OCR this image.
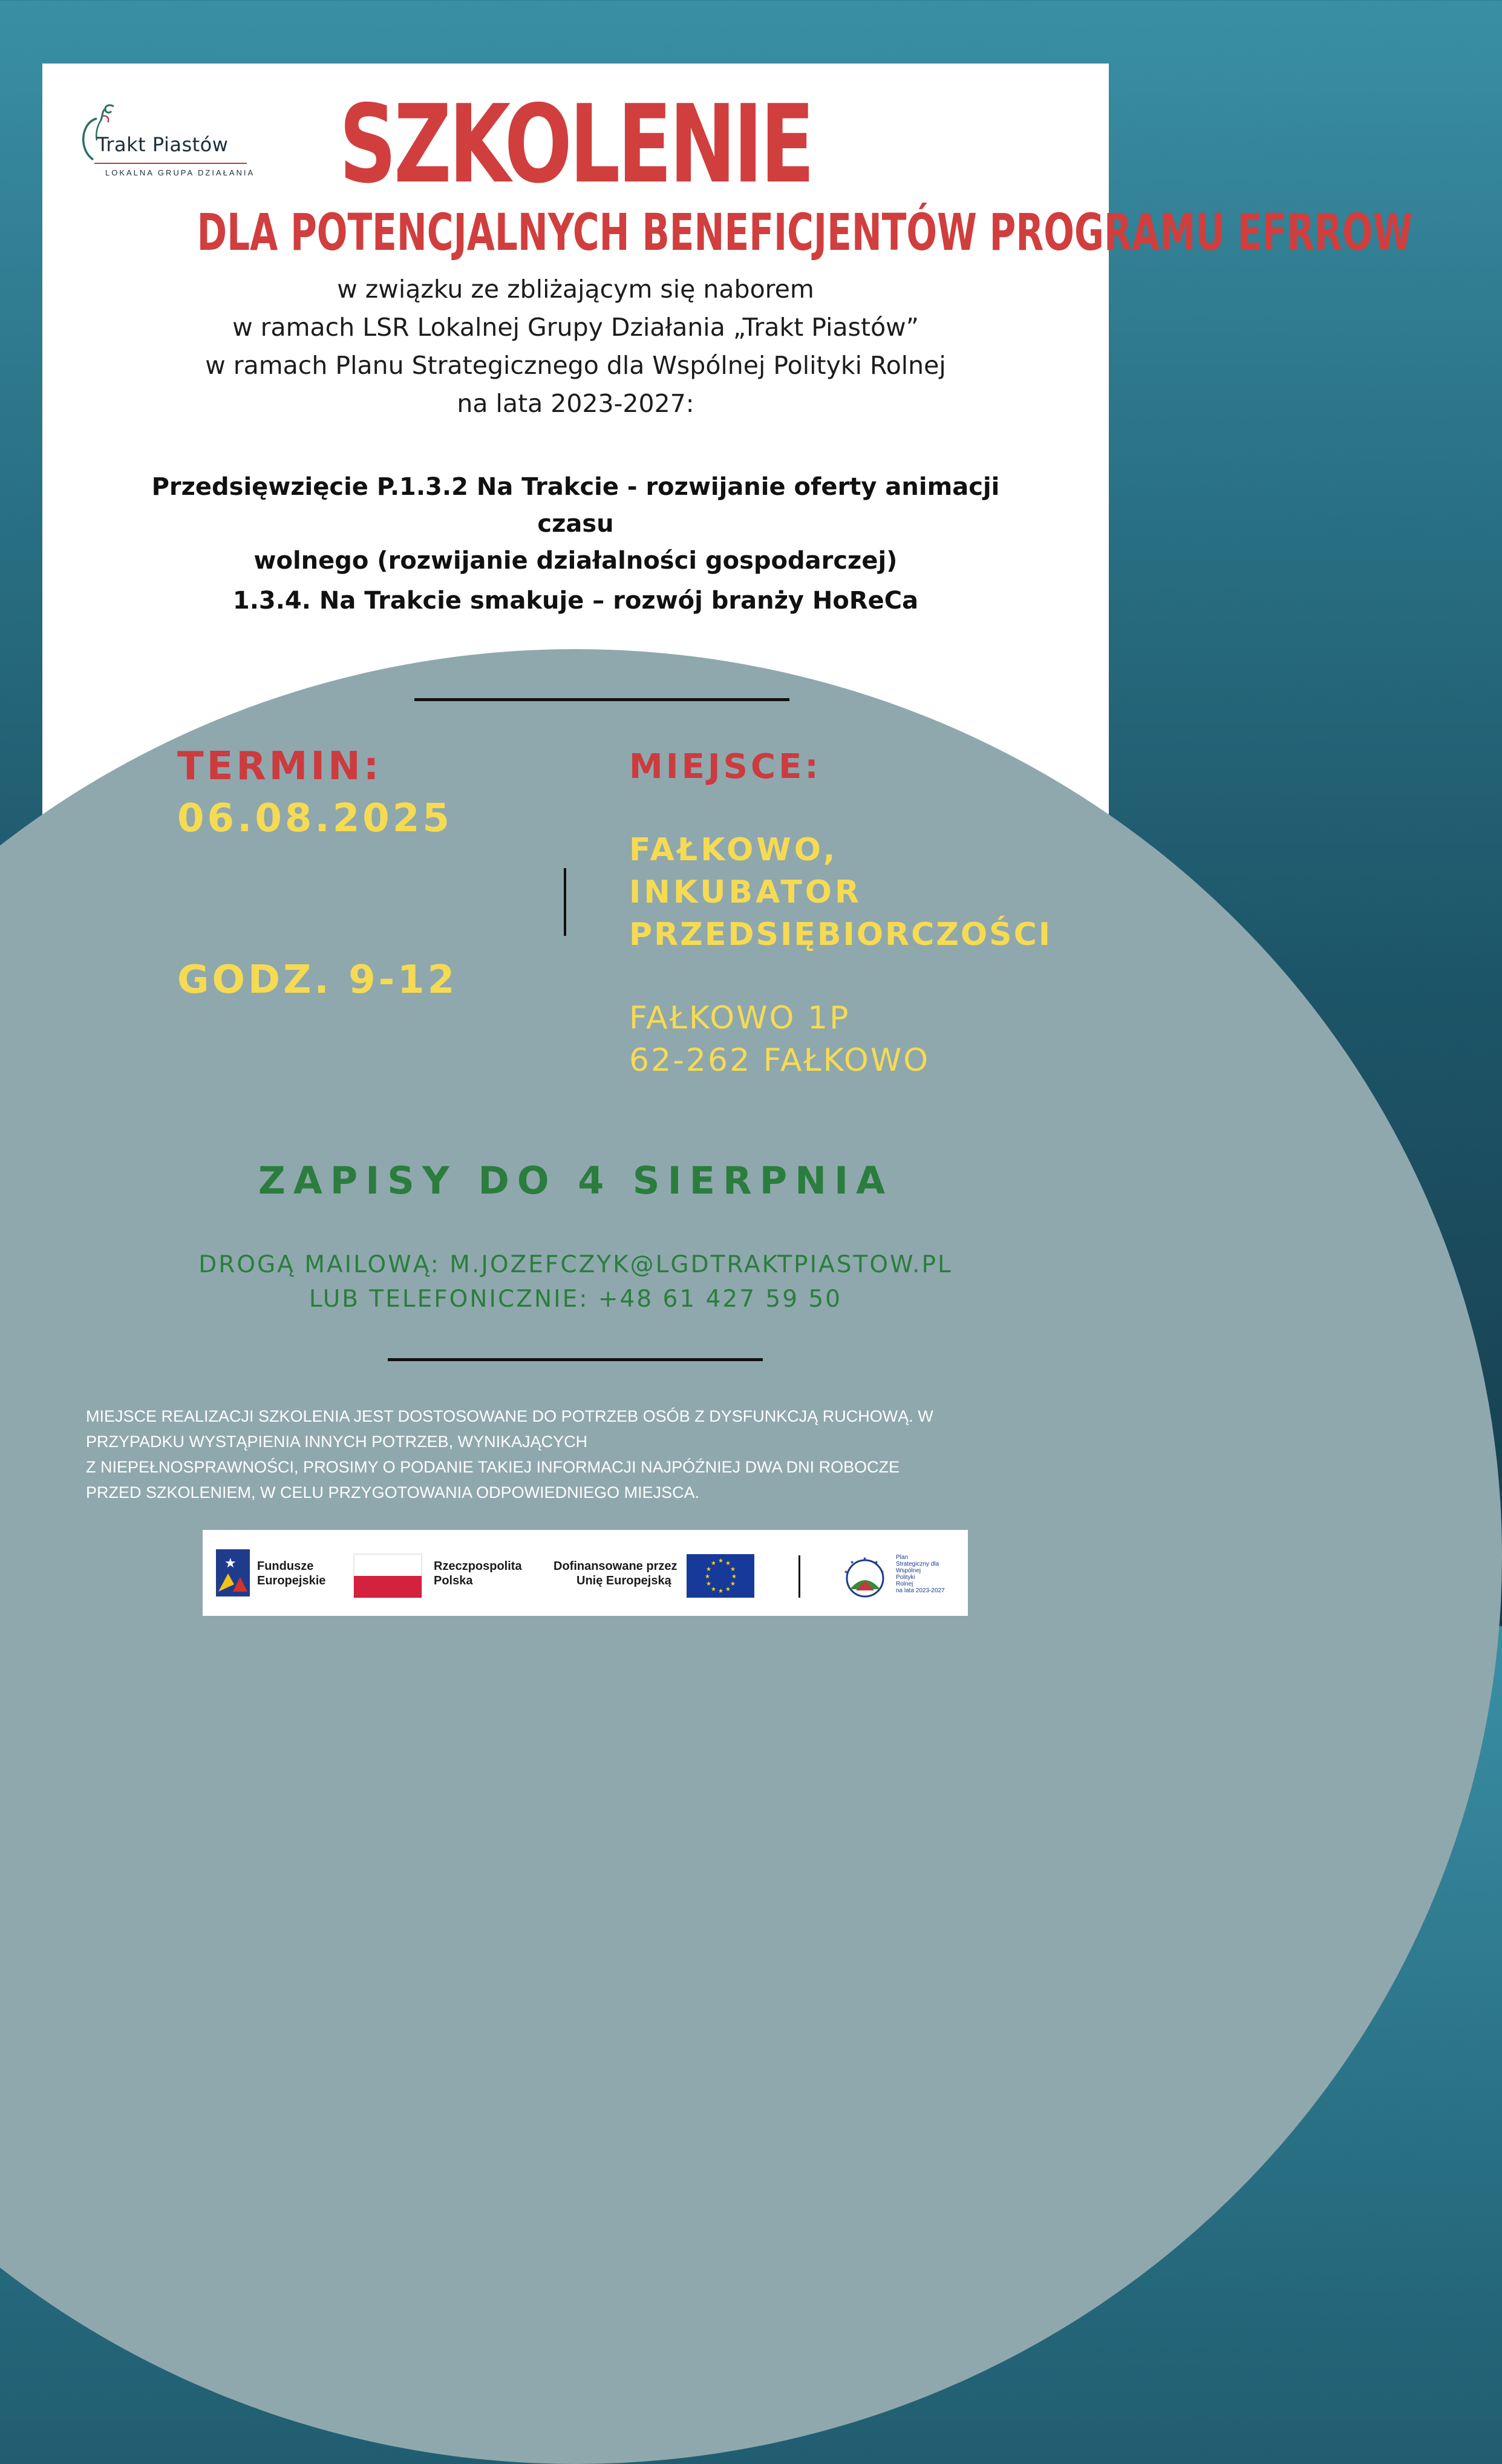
Trakt Piastów
LOKALNA GRUPA DZIAŁANIA SZKOLENIE
DLA POTENCJALNYCH BENEFICJENTÓW PROGRAMU EFRROW
w związku ze zbliżającym się naborem
w ramach LSR Lokalnej Grupy Działania „Trakt Piastów”
w ramach Planu Strategicznego dla Wspólnej Polityki Rolnej
na lata 2023-2027:
Przedsięwzięcie P.1.3.2 Na Trakcie - rozwijanie oferty animacji czasu
wolnego (rozwijanie działalności gospodarczej)
1.3.4. Na Trakcie smakuje – rozwój branży HoReCa
TERMIN:
06.08.2025
GODZ. 9-12
MIEJSCE:
FAŁKOWO,
INKUBATOR
PRZEDSIĘBIORCZOŚCI
FAŁKOWO 1P
62-262 FAŁKOWO
ZAPISY DO 4 SIERPNIA
DROGĄ MAILOWĄ: M.JOZEFCZYK@LGDTRAKTPIASTOW.PL
LUB TELEFONICZNIE: +48 61 427 59 50
MIEJSCE REALIZACJI SZKOLENIA JEST DOSTOSOWANE DO POTRZEB OSÓB Z DYSFUNKCJĄ RUCHOWĄ. W
PRZYPADKU WYSTĄPIENIA INNYCH POTRZEB, WYNIKAJĄCYCH
Z NIEPEŁNOSPRAWNOŚCI, PROSIMY O PODANIE TAKIEJ INFORMACJI NAJPÓŹNIEJ DWA DNI ROBOCZE
PRZED SZKOLENIEM, W CELU PRZYGOTOWANIA ODPOWIEDNIEGO MIEJSCA.
★ Fundusze
Europejskie
Rzeczpospolita
Polska
Dofinansowane przez
Unię Europejską
★ ★
★
★
★
★
★
★
★
★
★
★
★
★
★
★
★
Plan
Strategiczny dla
Wspólnej
Polityki
Rolnej
na lata 2023-2027
